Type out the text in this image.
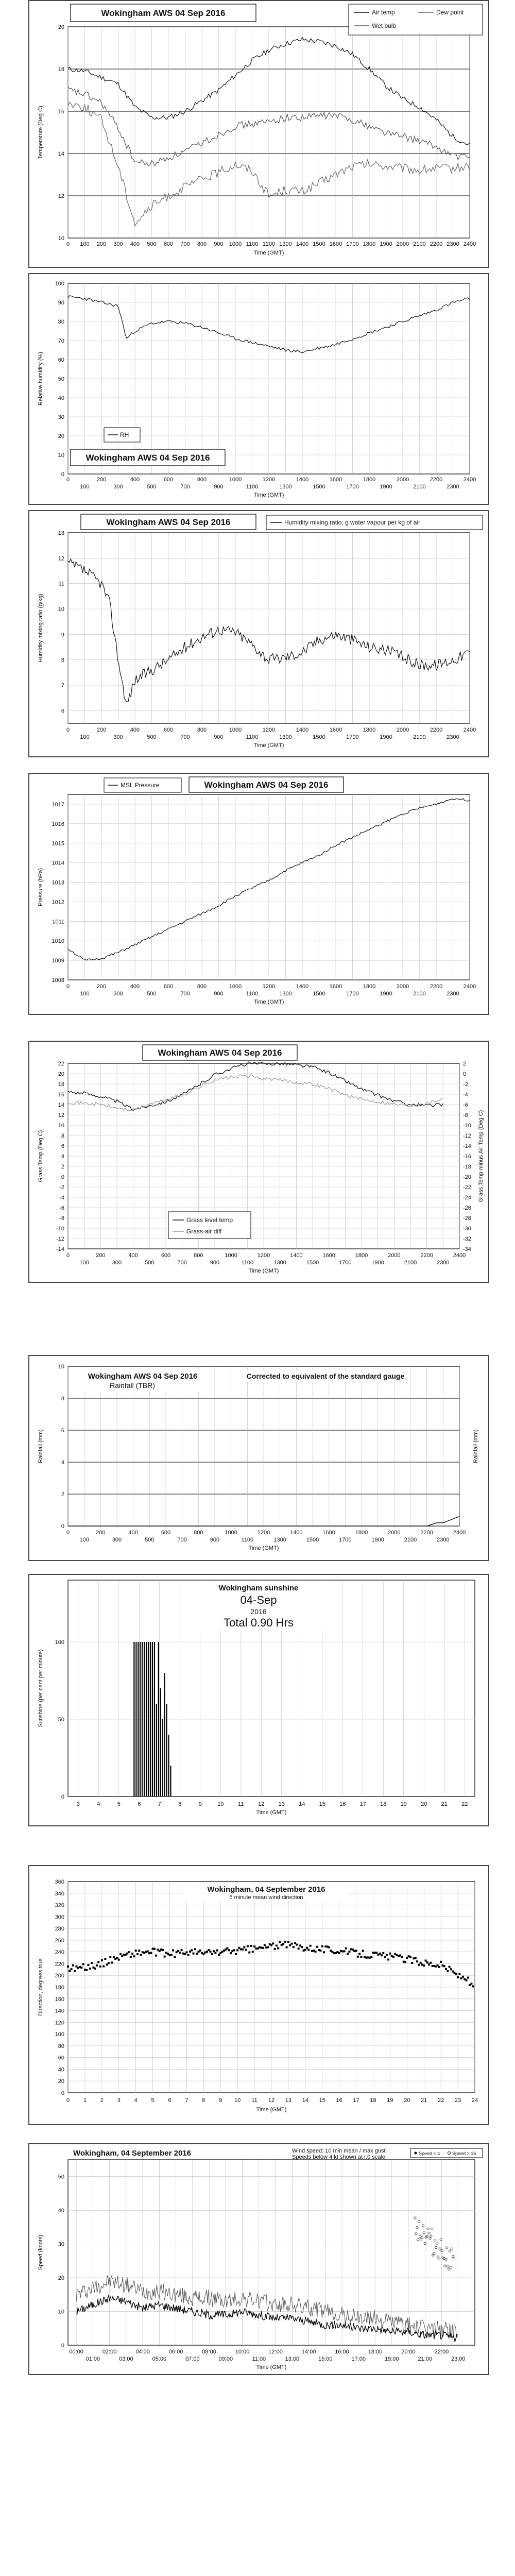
20
18
16
14
12
10
0 100 200 300 400 500 600 700 800 900 1000 1100 1200 1300 1400 1500 1600 1700 1800 1900 2000 2100 2200 2300 2400
Time (GMT)
Temperature (Deg C)
Wokingham AWS 04 Sep 2016	Air temp	Dew point
Wet bulb
100
90
80
70
60
50
40
30
20
10
0
0	200	400	600	800	1000	1200	1400	1600	1800	2000	2200	2400
100	300	500	700	900	1100	1300	1500	1700	1900	2100	2300
Time (GMT)
Relative humidity (%)
RH
Wokingham AWS 04 Sep 2016
13
12
11
10
9
8
7
6
0	200	400	600	800	1000	1200	1400	1600	1800	2000	2200	2400
100	300	500	700	900	1100	1300	1500	1700	1900	2100	2300
Time (GMT)
Humidity mixing ratio (g/kg)
Wokingham AWS 04 Sep 2016	Humidity mixing ratio, g water vapour per kg of air
1017
1016
1015
1014
1013
1012
1011
1010
1009
1008
0	200	400	600	800	1000	1200	1400	1600	1800	2000	2200	2400
100	300	500	700	900	1100	1300	1500	1700	1900	2100	2300
Time (GMT)
Pressure (hPa)
MSL Pressure	Wokingham AWS 04 Sep 2016
22
20
18
16
14
12
10
8
6
4
2
0
-2
-4
-6
-8
-10
-12
-14
2
0
-2
-4
-6
-8
-10
-12
-14
-16
-18
-20
-22
-24
-26
-28
-30
-32
-34
0	200	400	600	800	1000	1200	1400	1600	1800	2000	2200	2400
100	300	500	700	900	1100	1300	1500	1700	1900	2100	2300
Time (GMT)
Grass Temp (Deg C)	Grass Temp minus Air Temp (Deg C)
Wokingham AWS 04 Sep 2016
Grass level temp
Grass-air diff
10
8
6
4
2
0
0	200	400	600	800	1000	1200	1400	1600	1800	2000	2200	2400
100	300	500	700	900	1100	1300	1500	1700	1900	2100	2300
Time (GMT)
Rainfall (mm)	Rainfall (mm)
Wokingham AWS 04 Sep 2016
Rainfall (TBR)
Corrected to equivalent of the standard gauge
100
50
0
3	4	5	6	7	8	9	10	11	12 13 14 15 16 17 18 19 20 21 22
Time (GMT)
Sunshine (per cent per minute)
Wokingham sunshine
04-Sep
2016
Total 0.90 Hrs
360
340
320
300
280
260
240
220
200
180
160
140
120
100
80
60
40
20
0
0 1 2 3 4 5 6 7 8 9 10 11 12 13 14 15 16 17 18 19 20 21 22 23 24
Time (GMT)
Direction, degrees true
Wokingham, 04 September 2016
5 minute mean wind direction
50
40
30
20
10
0
00:00	02:00	04:00	06:00	08:00	10:00	12:00	14:00	16:00	18:00	20:00	22:00
01:00	03:00	05:00	07:00	09:00	11:00	13:00	15:00	17:00	19:00	21:00	23:00
Time (GMT)
Speed (knots)
Wokingham, 04 September 2016	Wind speed: 10 min mean / max gust
Speeds below 4 kt shown at r.0 scale
Speed < 4	Speed > 16
